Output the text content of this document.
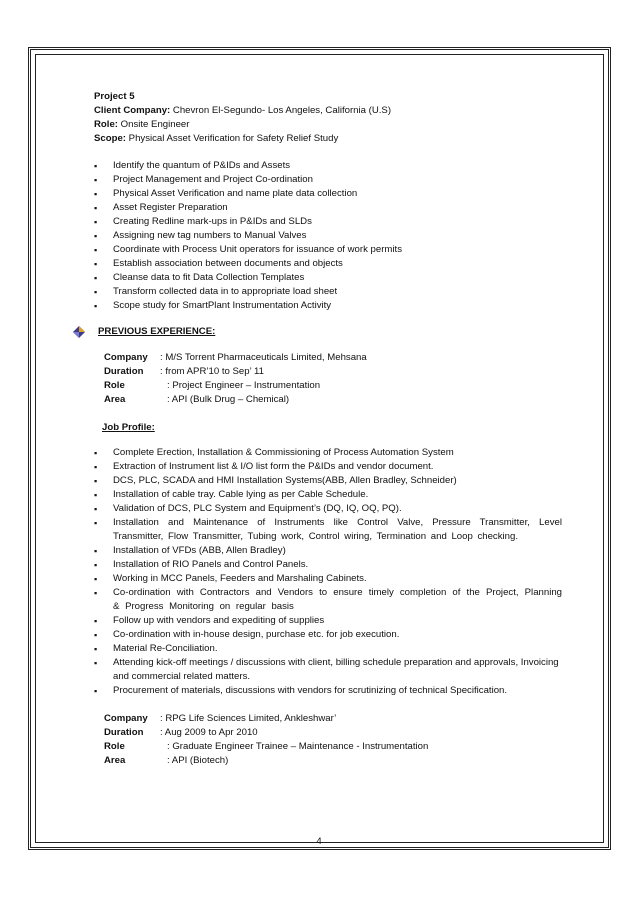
Project 5
Client Company: Chevron El-Segundo- Los Angeles, California (U.S)
Role: Onsite Engineer
Scope: Physical Asset Verification for Safety Relief Study
▪ Identify the quantum of P&IDs and Assets
▪ Project Management and Project Co-ordination
▪ Physical Asset Verification and name plate data collection
▪ Asset Register Preparation
▪ Creating Redline mark-ups in P&IDs and SLDs
▪ Assigning new tag numbers to Manual Valves
▪ Coordinate with Process Unit operators for issuance of work permits
▪ Establish association between documents and objects
▪ Cleanse data to fit Data Collection Templates
▪ Transform collected data in to appropriate load sheet
▪ Scope study for SmartPlant Instrumentation Activity
PREVIOUS EXPERIENCE:
Company	: M/S Torrent Pharmaceuticals Limited, Mehsana
Duration	: from APR’10 to Sep’ 11
Role	: Project Engineer – Instrumentation
Area	: API (Bulk Drug – Chemical)
Job Profile:
▪ Complete Erection, Installation & Commissioning of Process Automation System
▪ Extraction of Instrument list & I/O list form the P&IDs and vendor document.
▪ DCS, PLC, SCADA and HMI Installation Systems(ABB, Allen Bradley, Schneider)
▪ Installation of cable tray. Cable lying as per Cable Schedule.
▪ Validation of DCS, PLC System and Equipment’s (DQ, IQ, OQ, PQ).
▪ Installation and Maintenance of Instruments like Control Valve, Pressure Transmitter, Level Transmitter, Flow Transmitter, Tubing work, Control wiring, Termination and Loop checking.
▪ Installation of VFDs (ABB, Allen Bradley)
▪ Installation of RIO Panels and Control Panels.
▪ Working in MCC Panels, Feeders and Marshaling Cabinets.
▪ Co-ordination with Contractors and Vendors to ensure timely completion of the Project, Planning & Progress Monitoring on regular basis
▪ Follow up with vendors and expediting of supplies
▪ Co-ordination with in-house design, purchase etc. for job execution.
▪ Material Re-Conciliation.
▪ Attending kick-off meetings / discussions with client, billing schedule preparation and approvals, Invoicing and commercial related matters.
▪ Procurement of materials, discussions with vendors for scrutinizing of technical Specification.
Company	: RPG Life Sciences Limited, Ankleshwar’
Duration	: Aug 2009 to Apr 2010
Role	: Graduate Engineer Trainee – Maintenance - Instrumentation
Area	: API (Biotech)
4
